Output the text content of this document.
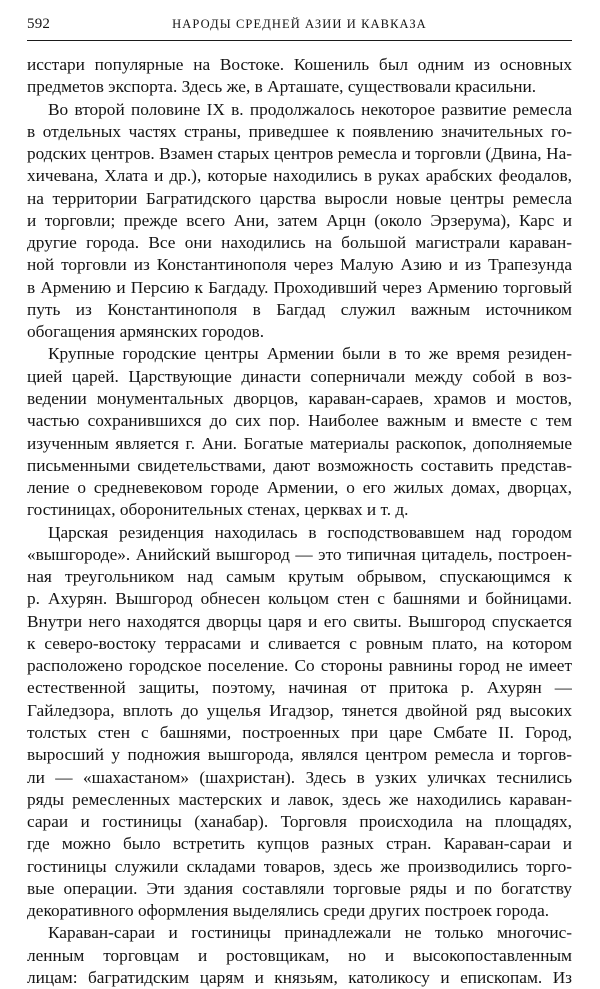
592	НАРОДЫ СРЕДНЕЙ АЗИИ И КАВКАЗА
исстари популярные на Востоке. Кошениль был одним из основных
предметов экспорта. Здесь же, в Арташате, существовали красильни.
Во второй половине IX в. продолжалось некоторое развитие ремесла
в отдельных частях страны, приведшее к появлению значительных го-
родских центров. Взамен старых центров ремесла и торговли (Двина, На-
хичевана, Хлата и др.), которые находились в руках арабских феодалов,
на территории Багратидского царства выросли новые центры ремесла
и торговли; прежде всего Ани, затем Арцн (около Эрзерума), Карс и
другие города. Все они находились на большой магистрали караван-
ной торговли из Константинополя через Малую Азию и из Трапезунда
в Армению и Персию к Багдаду. Проходивший через Армению торговый
путь из Константинополя в Багдад служил важным источником
обогащения армянских городов.
Крупные городские центры Армении были в то же время резиден-
цией царей. Царствующие династи соперничали между собой в воз-
ведении монументальных дворцов, караван-сараев, храмов и мостов,
частью сохранившихся до сих пор. Наиболее важным и вместе с тем
изученным является г. Ани. Богатые материалы раскопок, дополняемые
письменными свидетельствами, дают возможность составить представ-
ление о средневековом городе Армении, о его жилых домах, дворцах,
гостиницах, оборонительных стенах, церквах и т. д.
Царская резиденция находилась в господствовавшем над городом
«вышгороде». Анийский вышгород — это типичная цитадель, построен-
ная треугольником над самым крутым обрывом, спускающимся к
р. Ахурян. Вышгород обнесен кольцом стен с башнями и бойницами.
Внутри него находятся дворцы царя и его свиты. Вышгород спускается
к северо-востоку террасами и сливается с ровным плато, на котором
расположено городское поселение. Со стороны равнины город не имеет
естественной защиты, поэтому, начиная от притока р. Ахурян —
Гайледзора, вплоть до ущелья Игадзор, тянется двойной ряд высоких
толстых стен с башнями, построенных при царе Смбате II. Город,
выросший у подножия вышгорода, являлся центром ремесла и торгов-
ли — «шахастаном» (шахристан). Здесь в узких уличках теснились
ряды ремесленных мастерских и лавок, здесь же находились караван-
сараи и гостиницы (ханабар). Торговля происходила на площадях,
где можно было встретить купцов разных стран. Караван-сараи и
гостиницы служили складами товаров, здесь же производились торго-
вые операции. Эти здания составляли торговые ряды и по богатству
декоративного оформления выделялись среди других построек города.
Караван-сараи и гостиницы принадлежали не только многочис-
ленным торговцам и ростовщикам, но и высокопоставленным
лицам: багратидским царям и князьям, католикосу и епископам. Из
